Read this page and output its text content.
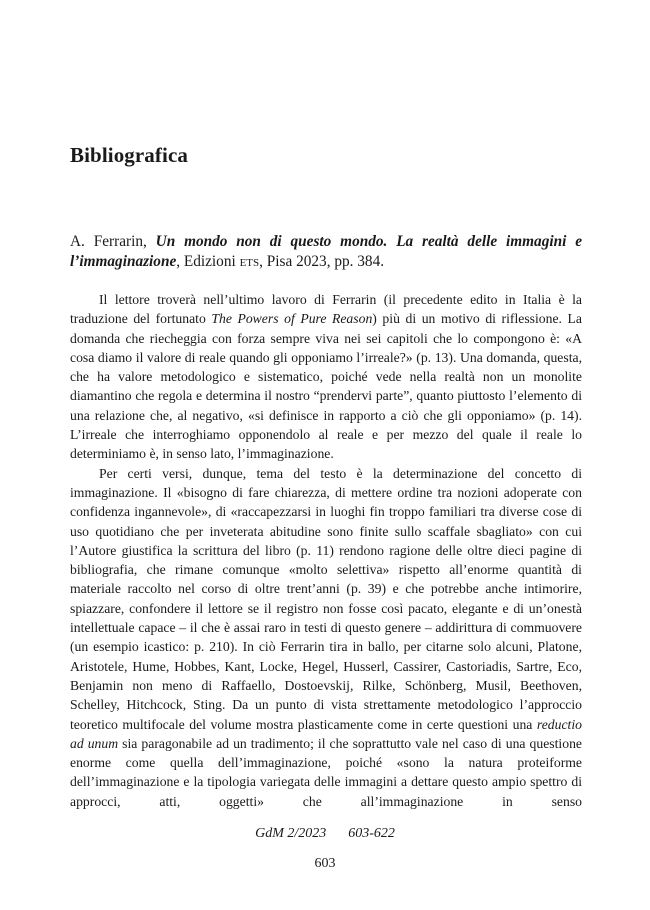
Bibliografica

A. Ferrarin, Un mondo non di questo mondo. La realtà delle immagini e l’immaginazione, Edizioni ets, Pisa 2023, pp. 384.

Il lettore troverà nell’ultimo lavoro di Ferrarin (il precedente edito in Italia è la traduzione del fortunato The Powers of Pure Reason) più di un motivo di riflessione. La domanda che riecheggia con forza sempre viva nei sei capitoli che lo compongono è: «A cosa diamo il valore di reale quando gli opponiamo l’irreale?» (p. 13). Una domanda, questa, che ha valore metodologico e sistematico, poiché vede nella realtà non un monolite diamantino che regola e determina il nostro “prendervi parte”, quanto piuttosto l’elemento di una relazione che, al negativo, «si definisce in rapporto a ciò che gli opponiamo» (p. 14). L’irreale che interroghiamo opponendolo al reale e per mezzo del quale il reale lo determiniamo è, in senso lato, l’immaginazione.

Per certi versi, dunque, tema del testo è la determinazione del concetto di immaginazione. Il «bisogno di fare chiarezza, di mettere ordine tra nozioni adoperate con confidenza ingannevole», di «raccapezzarsi in luoghi fin troppo familiari tra diverse cose di uso quotidiano che per inveterata abitudine sono finite sullo scaffale sbagliato» con cui l’Autore giustifica la scrittura del libro (p. 11) rendono ragione delle oltre dieci pagine di bibliografia, che rimane comunque «molto selettiva» rispetto all’enorme quantità di materiale raccolto nel corso di oltre trent’anni (p. 39) e che potrebbe anche intimorire, spiazzare, confondere il lettore se il registro non fosse così pacato, elegante e di un’onestà intellettuale capace – il che è assai raro in testi di questo genere – addirittura di commuovere (un esempio icastico: p. 210). In ciò Ferrarin tira in ballo, per citarne solo alcuni, Platone, Aristotele, Hume, Hobbes, Kant, Locke, Hegel, Husserl, Cassirer, Castoriadis, Sartre, Eco, Benjamin non meno di Raffaello, Dostoevskij, Rilke, Schönberg, Musil, Beethoven, Schelley, Hitchcock, Sting. Da un punto di vista strettamente metodologico l’approccio teoretico multifocale del volume mostra plasticamente come in certe questioni una reductio ad unum sia paragonabile ad un tradimento; il che soprattutto vale nel caso di una questione enorme come quella dell’immaginazione, poiché «sono la natura proteiforme dell’immaginazione e la tipologia variegata delle immagini a dettare questo ampio spettro di approcci, atti, oggetti» che all’immaginazione in senso

GdM 2/2023 603-622
603
